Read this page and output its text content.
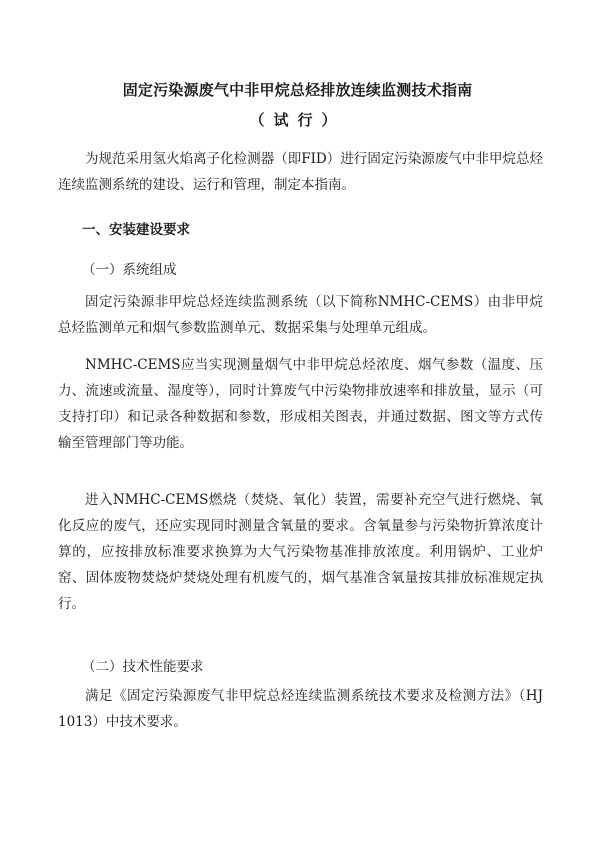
固定污染源废气中非甲烷总烃排放连续监测技术指南
（试行）

为规范采用氢火焰离子化检测器（即FID）进行固定污染源废气中非甲烷总烃连续监测系统的建设、运行和管理，制定本指南。

一、安装建设要求
（一）系统组成

固定污染源非甲烷总烃连续监测系统（以下简称NMHC-CEMS）由非甲烷总烃监测单元和烟气参数监测单元、数据采集与处理单元组成。

NMHC-CEMS应当实现测量烟气中非甲烷总烃浓度、烟气参数（温度、压力、流速或流量、湿度等），同时计算废气中污染物排放速率和排放量，显示（可支持打印）和记录各种数据和参数，形成相关图表，并通过数据、图文等方式传输至管理部门等功能。

进入NMHC-CEMS燃烧（焚烧、氧化）装置，需要补充空气进行燃烧、氧化反应的废气，还应实现同时测量含氧量的要求。含氧量参与污染物折算浓度计算的，应按排放标准要求换算为大气污染物基准排放浓度。利用锅炉、工业炉窑、固体废物焚烧炉焚烧处理有机废气的，烟气基准含氧量按其排放标准规定执行。

（二）技术性能要求

满足《固定污染源废气非甲烷总烃连续监测系统技术要求及检测方法》（HJ 1013）中技术要求。
